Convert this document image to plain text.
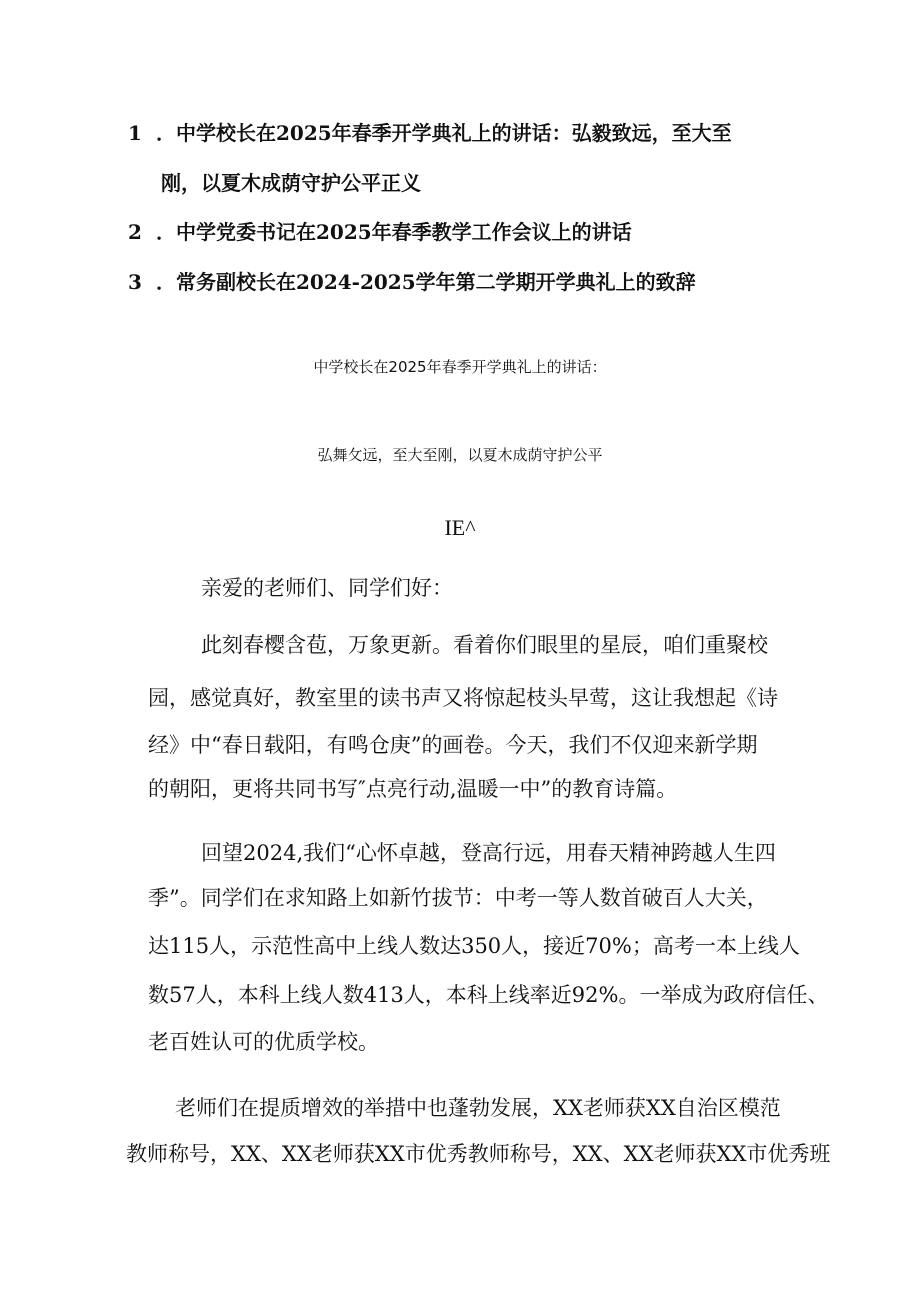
1 ．中学校长在2025年春季开学典礼上的讲话：弘毅致远，至大至
刚，以夏木成荫守护公平正义
2 ．中学党委书记在2025年春季教学工作会议上的讲话
3 ．常务副校长在2024-2025学年第二学期开学典礼上的致辞
中学校长在2025年春季开学典礼上的讲话：
弘舞攵远，至大至刚，以夏木成荫守护公平
IE^
亲爱的老师们、同学们好：
此刻春樱含苞，万象更新。看着你们眼里的星辰，咱们重聚校
园，感觉真好，教室里的读书声又将惊起枝头早莺，这让我想起《诗
经》中“春日载阳，有鸣仓庚”的画卷。今天，我们不仅迎来新学期
的朝阳，更将共同书写″点亮行动,温暖一中”的教育诗篇。
回望2024,我们“心怀卓越，登高行远，用春天精神跨越人生四
季”。同学们在求知路上如新竹拔节：中考一等人数首破百人大关，
达115人，示范性高中上线人数达350人，接近70%；高考一本上线人
数57人，本科上线人数413人，本科上线率近92%。一举成为政府信任、
老百姓认可的优质学校。
老师们在提质增效的举措中也蓬勃发展，XX老师获XX自治区模范
教师称号，XX、XX老师获XX市优秀教师称号，XX、XX老师获XX市优秀班
